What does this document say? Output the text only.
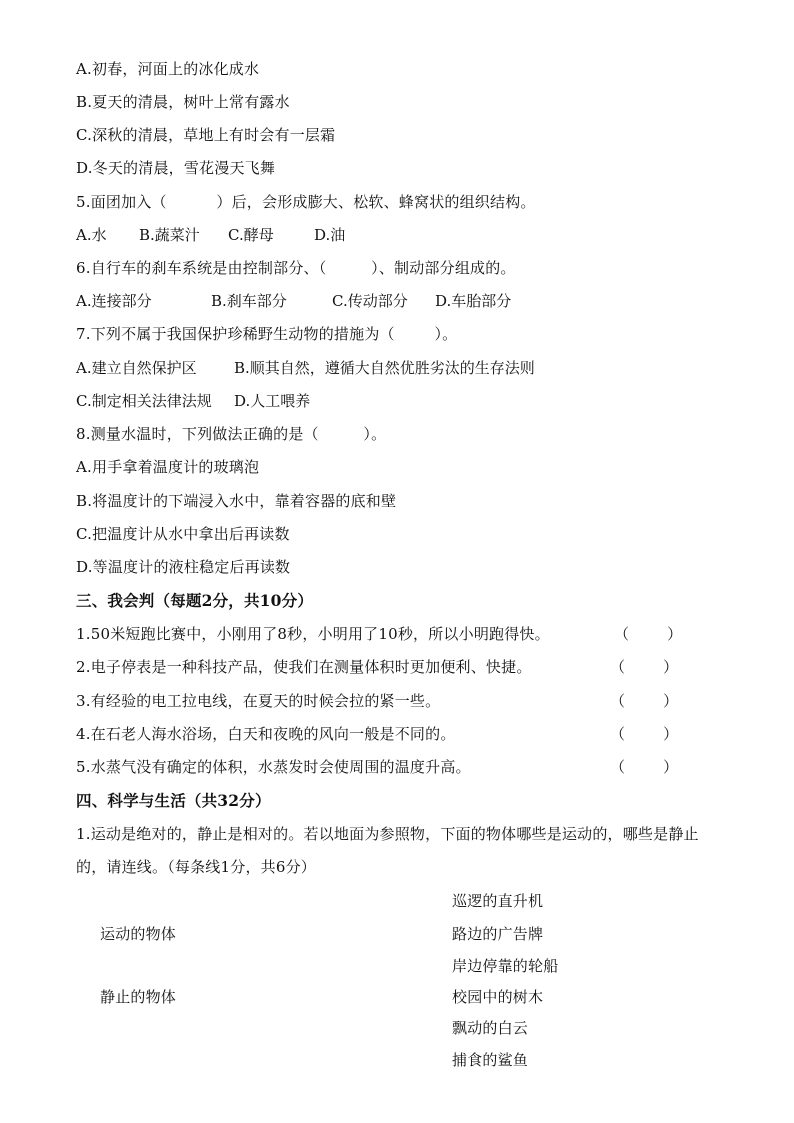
A.初春，河面上的冰化成水
B.夏天的清晨，树叶上常有露水
C.深秋的清晨，草地上有时会有一层霜
D.冬天的清晨，雪花漫天飞舞
5.面团加入（          ）后，会形成膨大、松软、蜂窝状的组织结构。
A.水 B.蔬菜汁 C.酵母	D.油
6.自行车的刹车系统是由控制部分、（         ）、制动部分组成的。
A.连接部分	B.刹车部分	C.传动部分 D.车胎部分
7.下列不属于我国保护珍稀野生动物的措施为（        ）。
A.建立自然保护区 B.顺其自然，遵循大自然优胜劣汰的生存法则
C.制定相关法律法规 D.人工喂养
8.测量水温时，下列做法正确的是（         ）。
A.用手拿着温度计的玻璃泡
B.将温度计的下端浸入水中，靠着容器的底和壁
C.把温度计从水中拿出后再读数
D.等温度计的液柱稳定后再读数
三、我会判（每题2分，共10分）
1.50米短跑比赛中，小刚用了8秒，小明用了10秒，所以小明跑得快。	（        ）
2.电子停表是一种科技产品，使我们在测量体积时更加便利、快捷。	（        ）
3.有经验的电工拉电线，在夏天的时候会拉的紧一些。	（        ）
4.在石老人海水浴场，白天和夜晚的风向一般是不同的。	（        ）
5.水蒸气没有确定的体积，水蒸发时会使周围的温度升高。	（        ）
四、科学与生活（共32分）
1.运动是绝对的，静止是相对的。若以地面为参照物，下面的物体哪些是运动的，哪些是静止
的，请连线。（每条线1分，共6分）
运动的物体
静止的物体
巡逻的直升机
路边的广告牌
岸边停靠的轮船
校园中的树木
飘动的白云
捕食的鲨鱼
